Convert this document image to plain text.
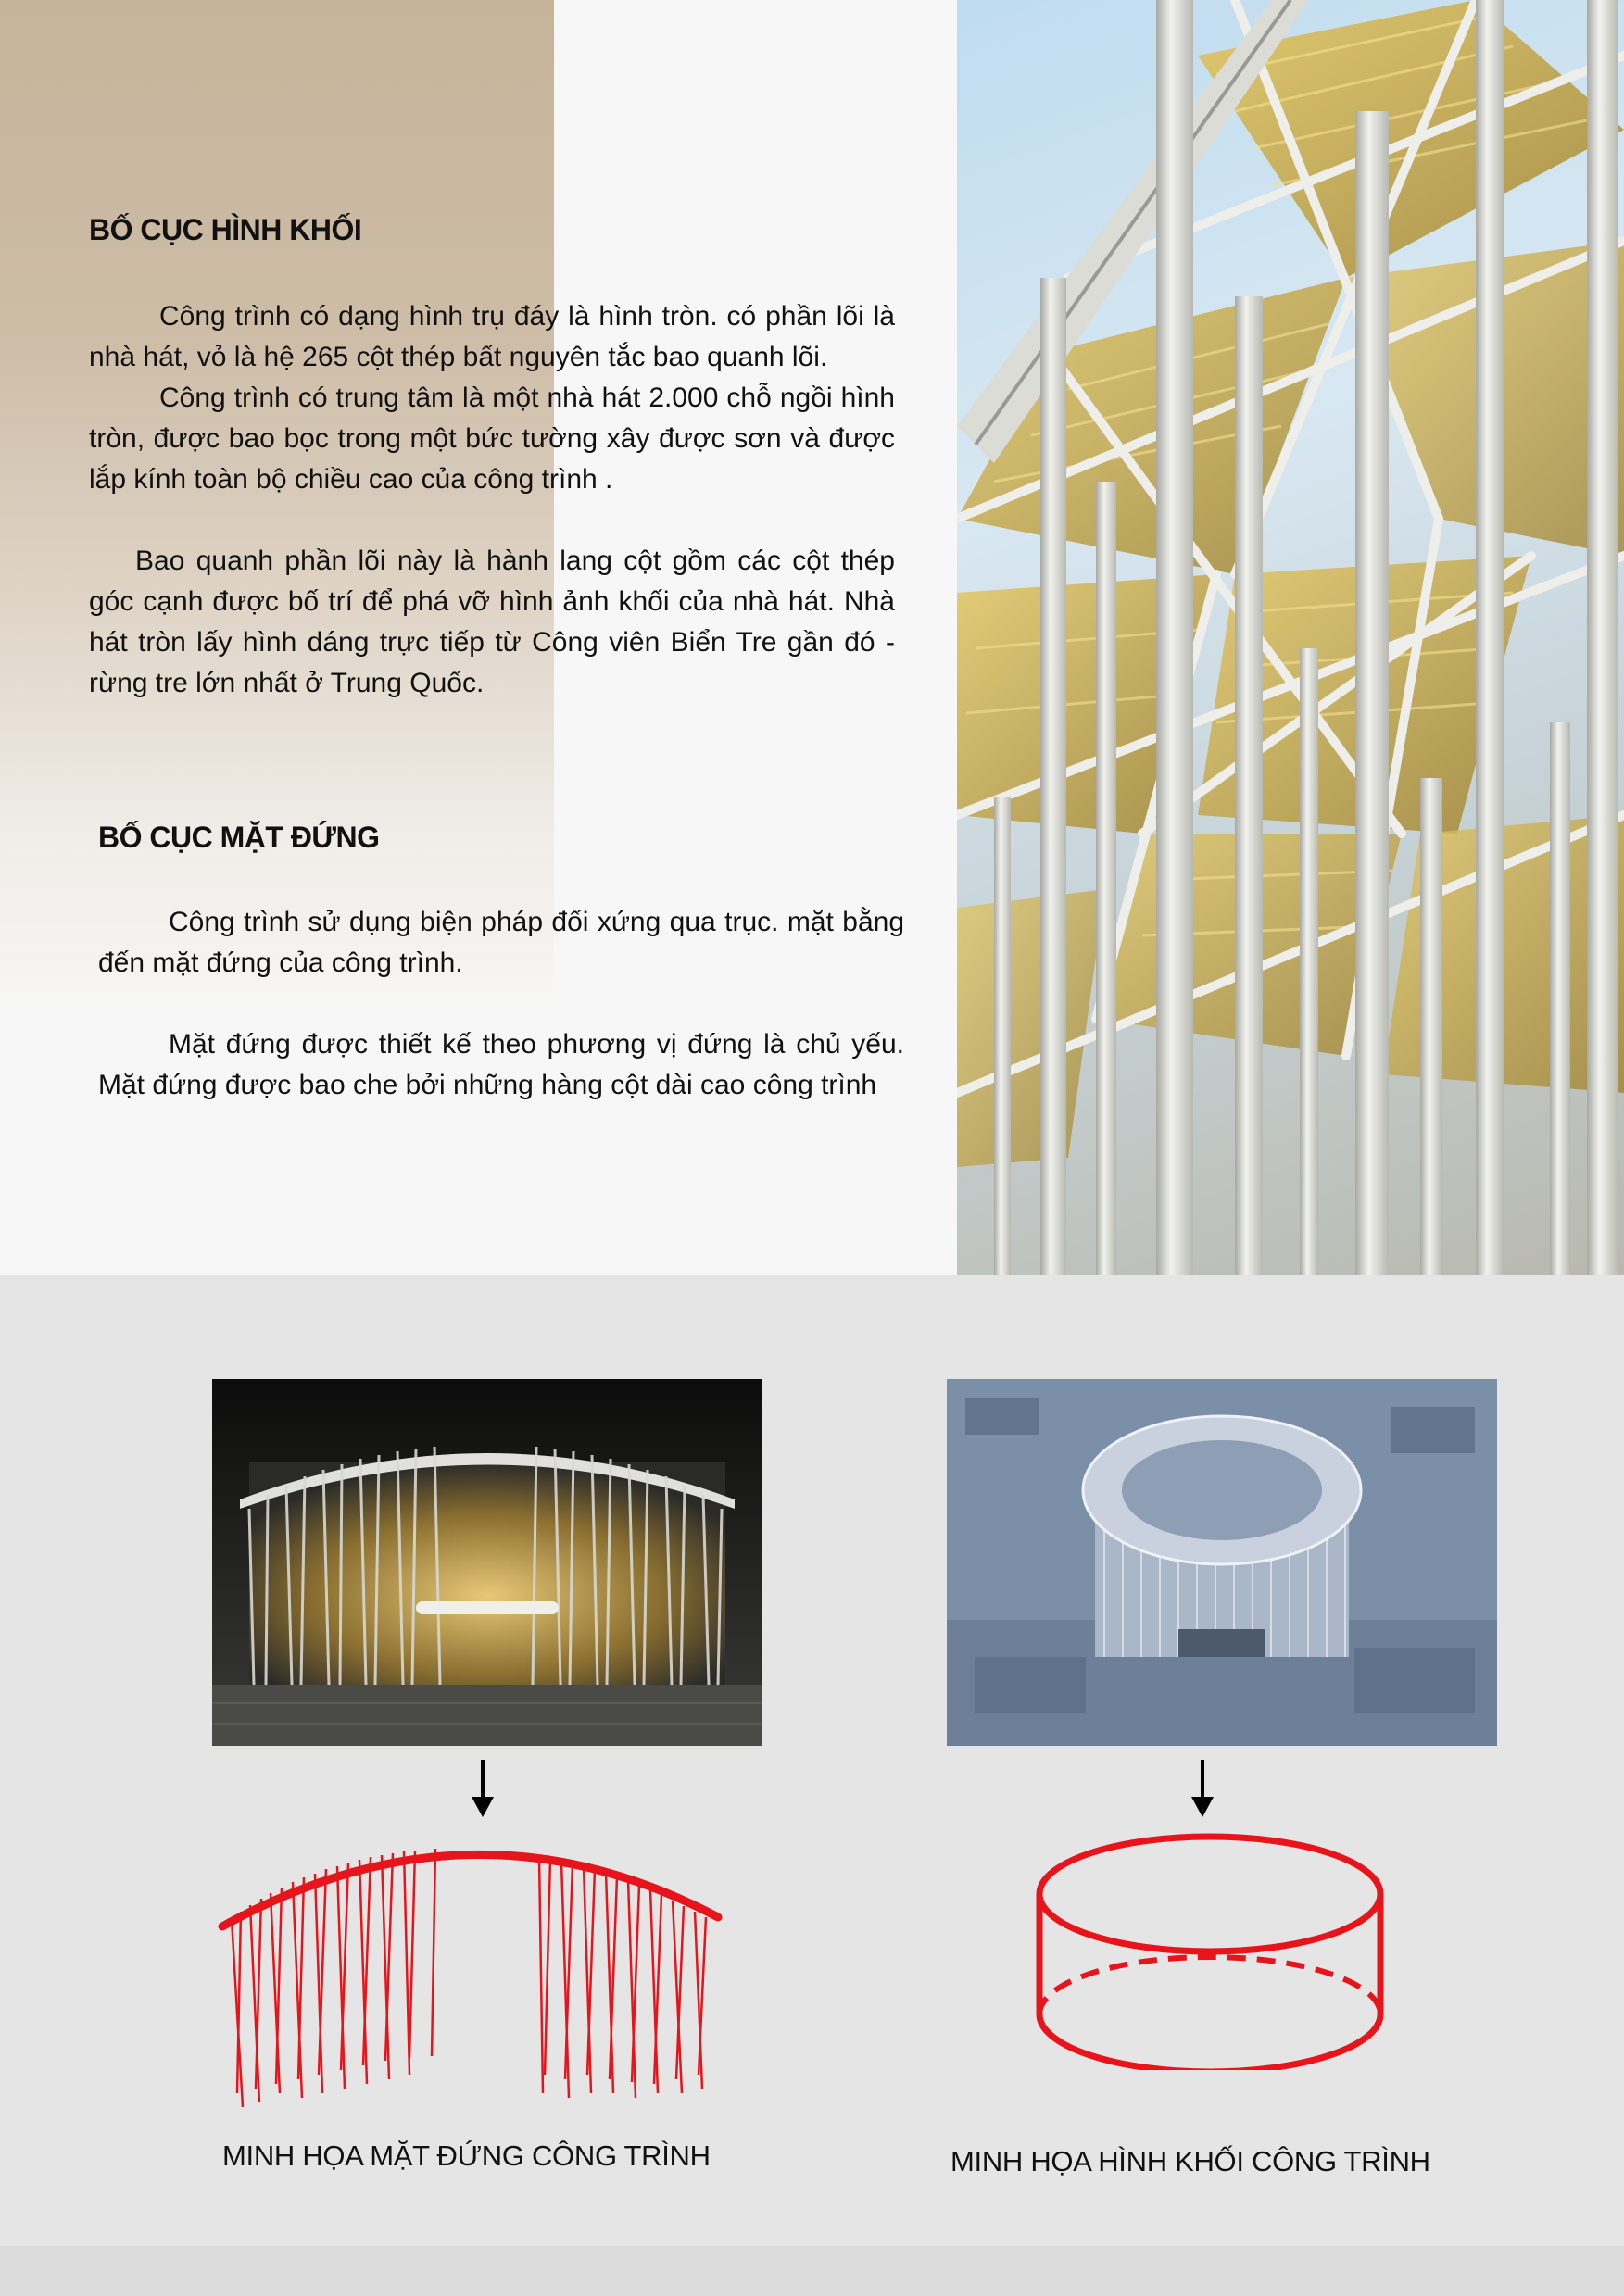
BỐ CỤC HÌNH KHỐI

Công trình có dạng hình trụ đáy là hình tròn. có phần lõi là nhà hát, vỏ là hệ 265 cột thép bất nguyên tắc bao quanh lõi.

Công trình có trung tâm là một nhà hát 2.000 chỗ ngồi hình tròn, được bao bọc trong một bức tường xây được sơn và được lắp kính toàn bộ chiều cao của công trình .

Bao quanh phần lõi này là hành lang cột gồm các cột thép góc cạnh được bố trí để phá vỡ hình ảnh khối của nhà hát. Nhà hát tròn lấy hình dáng trực tiếp từ Công viên Biển Tre gần đó - rừng tre lớn nhất ở Trung Quốc.

BỐ CỤC MẶT ĐỨNG

Công trình sử dụng biện pháp đối xứng qua trục. mặt bằng đến mặt đứng của công trình.

Mặt đứng được thiết kế theo phương vị đứng là chủ yếu. Mặt đứng được bao che bởi những hàng cột dài cao công trình

MINH HỌA MẶT ĐỨNG CÔNG TRÌNH	MINH HỌA HÌNH KHỐI CÔNG TRÌNH
